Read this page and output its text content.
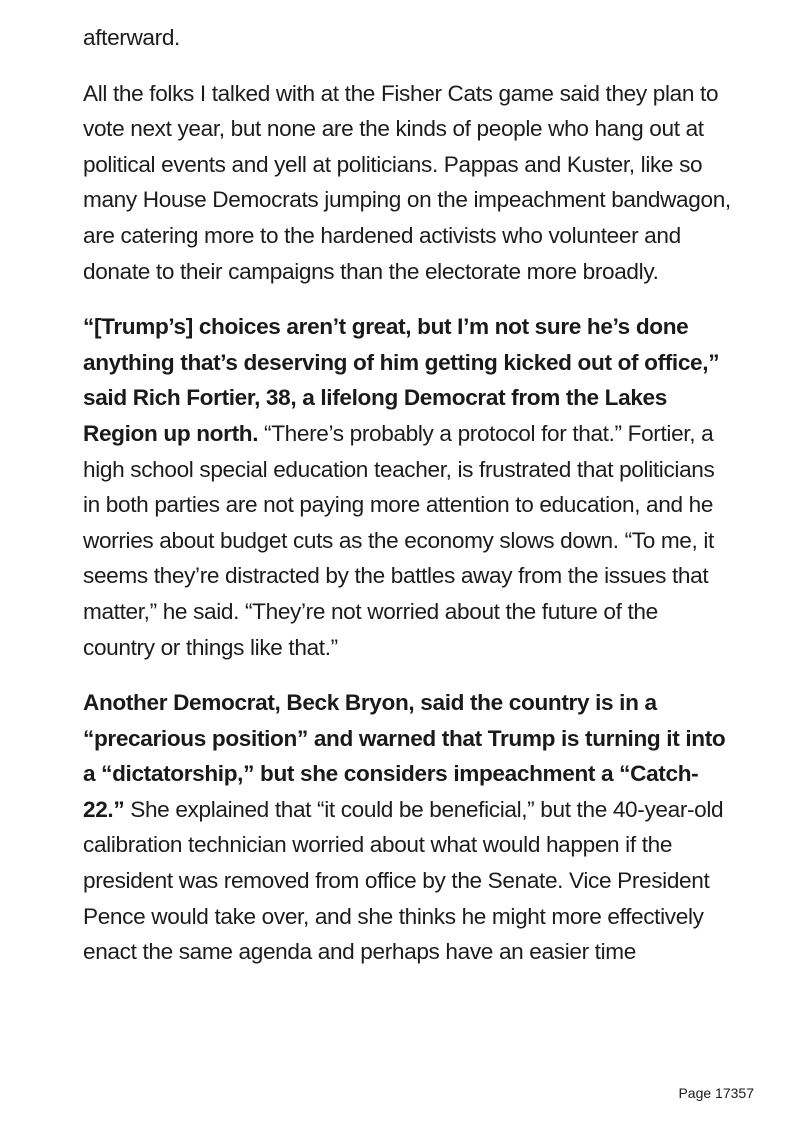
afterward.

All the folks I talked with at the Fisher Cats game said they plan to vote next year, but none are the kinds of people who hang out at political events and yell at politicians. Pappas and Kuster, like so many House Democrats jumping on the impeachment bandwagon, are catering more to the hardened activists who volunteer and donate to their campaigns than the electorate more broadly.

“[Trump’s] choices aren’t great, but I’m not sure he’s done anything that’s deserving of him getting kicked out of office,” said Rich Fortier, 38, a lifelong Democrat from the Lakes Region up north. “There’s probably a protocol for that.” Fortier, a high school special education teacher, is frustrated that politicians in both parties are not paying more attention to education, and he worries about budget cuts as the economy slows down. “To me, it seems they’re distracted by the battles away from the issues that matter,” he said. “They’re not worried about the future of the country or things like that.”

Another Democrat, Beck Bryon, said the country is in a “precarious position” and warned that Trump is turning it into a “dictatorship,” but she considers impeachment a “Catch-22.” She explained that “it could be beneficial,” but the 40-year-old calibration technician worried about what would happen if the president was removed from office by the Senate. Vice President Pence would take over, and she thinks he might more effectively enact the same agenda and perhaps have an easier time

Page 17357
